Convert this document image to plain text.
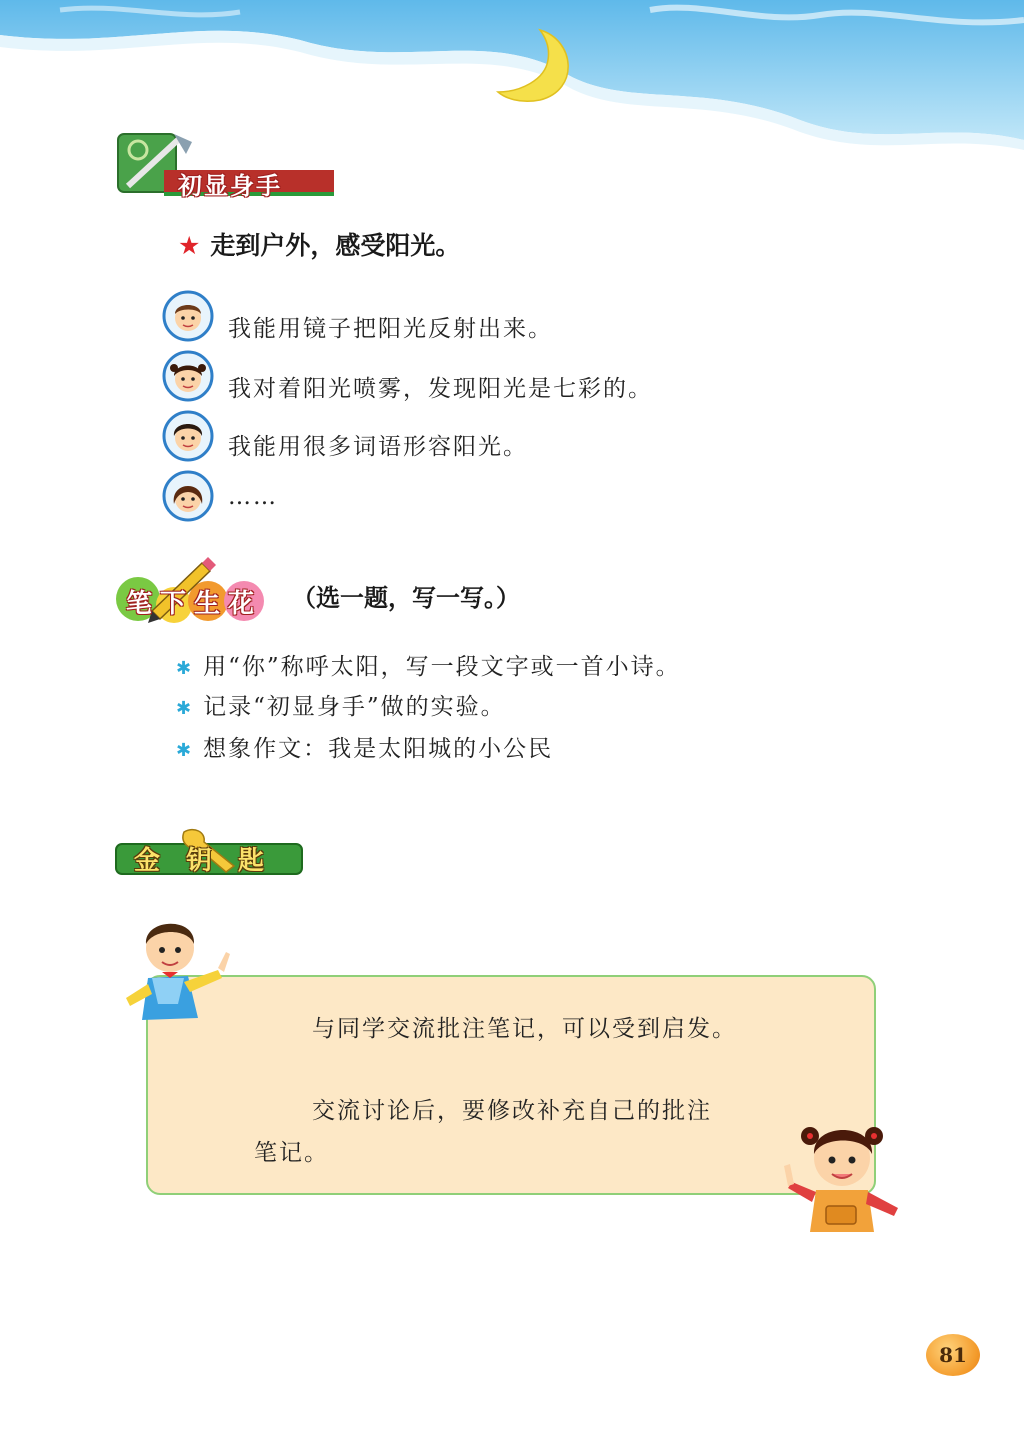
初显身手
★ 走到户外，感受阳光。
我能用镜子把阳光反射出来。
我对着阳光喷雾，发现阳光是七彩的。
我能用很多词语形容阳光。
……
笔下生花 （选一题，写一写。）
✱ 用“你”称呼太阳，写一段文字或一首小诗。
✱ 记录“初显身手”做的实验。
✱ 想象作文：我是太阳城的小公民
金钥匙
与同学交流批注笔记，可以受到启发。
交流讨论后，要修改补充自己的批注
笔记。
81
